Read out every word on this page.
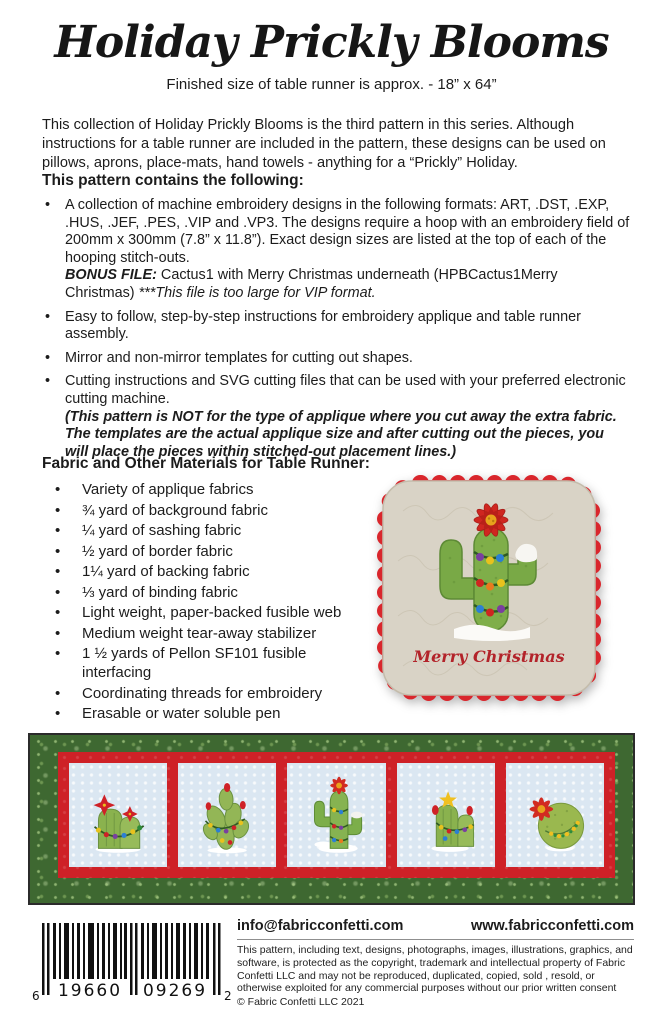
Holiday Prickly Blooms
Finished size of table runner is approx. - 18” x 64”

This collection of Holiday Prickly Blooms is the third pattern in this series. Although instructions for a table runner are included in the pattern, these designs can be used on pillows, aprons, place-mats, hand towels - anything for a “Prickly” Holiday.

This pattern contains the following:
• A collection of machine embroidery designs in the following formats: ART, .DST, .EXP, .HUS, .JEF, .PES, .VIP and .VP3. The designs require a hoop with an embroidery field of 200mm x 300mm (7.8” x 11.8”). Exact design sizes are listed at the top of each of the hooping stitch-outs.
BONUS FILE: Cactus1 with Merry Christmas underneath (HPBCactus1Merry Christmas) ***This file is too large for VIP format.
• Easy to follow, step-by-step instructions for embroidery applique and table runner assembly.
• Mirror and non-mirror templates for cutting out shapes.
• Cutting instructions and SVG cutting files that can be used with your preferred electronic cutting machine.
(This pattern is NOT for the type of applique where you cut away the extra fabric. The templates are the actual applique size and after cutting out the pieces, you will place the pieces within stitched-out placement lines.)
Fabric and Other Materials for Table Runner:
• Variety of applique fabrics
• ¾ yard of background fabric
• ¼ yard of sashing fabric
• ½ yard of border fabric
• 1¼ yard of backing fabric
• ⅓ yard of binding fabric
• Light weight, paper-backed fusible web
• Medium weight tear-away stabilizer
• 1 ½ yards of Pellon SF101 fusible interfacing
• Coordinating threads for embroidery
• Erasable or water soluble pen
Merry Christmas
6 19660 09269 2
info@fabricconfetti.com	www.fabricconfetti.com

This pattern, including text, designs, photographs, images, illustrations, graphics, and software, is protected as the copyright, trademark and intellectual property of Fabric Confetti LLC and may not be reproduced, duplicated, copied, sold , resold, or otherwise exploited for any commercial purposes without our prior written consent

© Fabric Confetti LLC 2021
